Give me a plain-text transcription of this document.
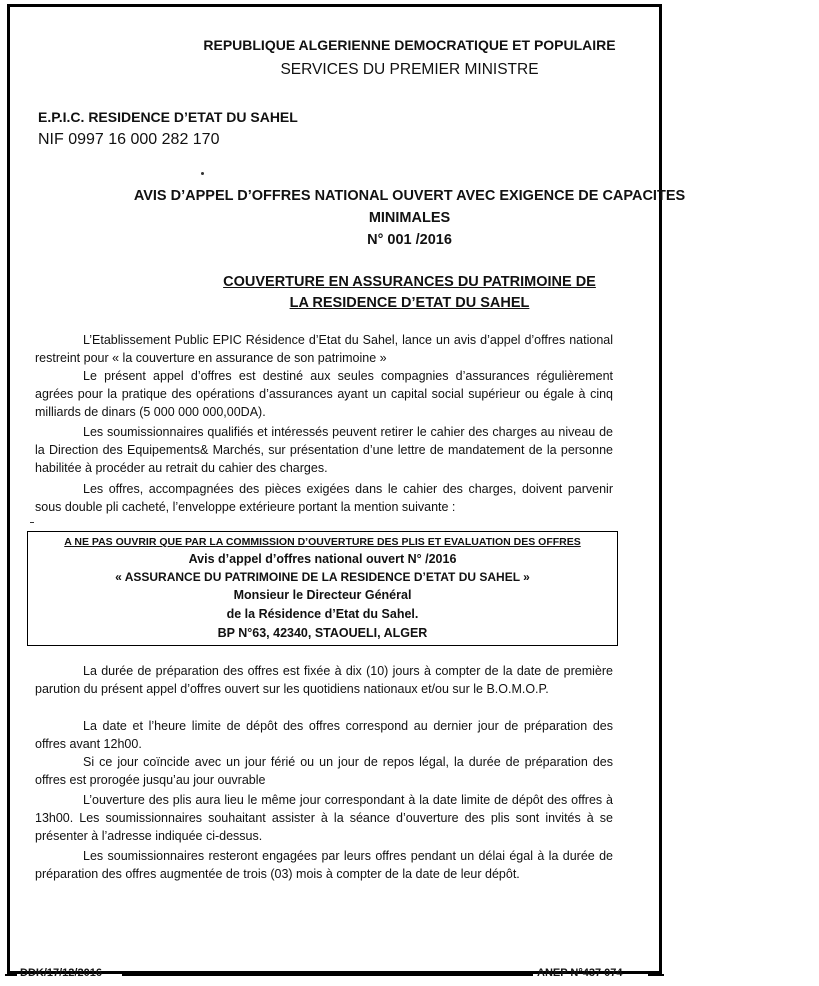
REPUBLIQUE ALGERIENNE DEMOCRATIQUE ET POPULAIRE
SERVICES DU PREMIER MINISTRE
E.P.I.C. RESIDENCE D’ETAT DU SAHEL
NIF 0997 16 000 282 170
AVIS D’APPEL D’OFFRES NATIONAL OUVERT AVEC EXIGENCE DE CAPACITES
MINIMALES
N° 001 /2016
COUVERTURE EN ASSURANCES DU PATRIMOINE DE
LA RESIDENCE D’ETAT DU SAHEL
L’Etablissement Public EPIC Résidence d’Etat du Sahel, lance un avis d’appel d’offres national restreint pour « la couverture en assurance de son patrimoine »
Le présent appel d’offres est destiné aux seules compagnies d’assurances régulièrement agrées pour la pratique des opérations d’assurances ayant un capital social supérieur ou égale à cinq milliards de dinars (5 000 000 000,00DA).
Les soumissionnaires qualifiés et intéressés peuvent retirer le cahier des charges au niveau de la Direction des Equipements& Marchés, sur présentation d’une lettre de mandatement de la personne habilitée à procéder au retrait du cahier des charges.
Les offres, accompagnées des pièces exigées dans le cahier des charges, doivent parvenir sous double pli cacheté, l’enveloppe extérieure portant la mention suivante :
A NE PAS OUVRIR QUE PAR LA COMMISSION D’OUVERTURE DES PLIS ET EVALUATION DES OFFRES
Avis d’appel d’offres national ouvert N° /2016
« ASSURANCE DU PATRIMOINE DE LA RESIDENCE D’ETAT DU SAHEL »
Monsieur le Directeur Général
de la Résidence d’Etat du Sahel.
BP N°63, 42340, STAOUELI, ALGER
La durée de préparation des offres est fixée à dix (10) jours à compter de la date de première parution du présent appel d’offres ouvert sur les quotidiens nationaux et/ou sur le B.O.M.O.P.
La date et l’heure limite de dépôt des offres correspond au dernier jour de préparation des offres avant 12h00.
Si ce jour coïncide avec un jour férié ou un jour de repos légal, la durée de préparation des offres est prorogée jusqu’au jour ouvrable
L’ouverture des plis aura lieu le même jour correspondant à la date limite de dépôt des offres à 13h00. Les soumissionnaires souhaitant assister à la séance d’ouverture des plis sont invités à se présenter à l’adresse indiquée ci-dessus.
Les soumissionnaires resteront engagées par leurs offres pendant un délai égal à la durée de préparation des offres augmentée de trois (03) mois à compter de la date de leur dépôt.
DDK/17/12/2016	ANEP N°437 074
